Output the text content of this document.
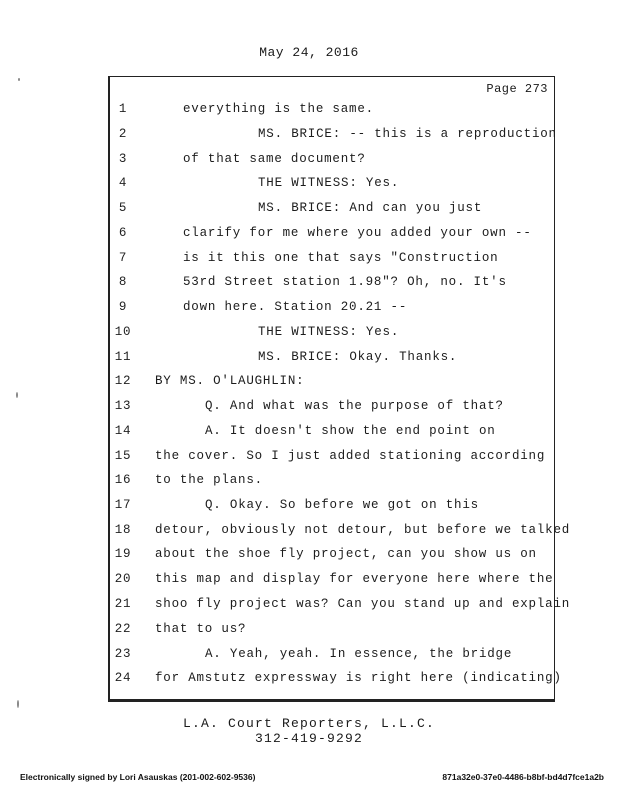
May 24, 2016
Page 273
1	everything is the same.
2	MS. BRICE: -- this is a reproduction
3	of that same document?
4	THE WITNESS: Yes.
5	MS. BRICE: And can you just
6	clarify for me where you added your own --
7	is it this one that says "Construction
8	53rd Street station 1.98"? Oh, no. It's
9	down here. Station 20.21 --
10	THE WITNESS: Yes.
11	MS. BRICE: Okay. Thanks.
12	BY MS. O'LAUGHLIN:
13	Q. And what was the purpose of that?
14	A. It doesn't show the end point on
15	the cover. So I just added stationing according
16	to the plans.
17	Q. Okay. So before we got on this
18	detour, obviously not detour, but before we talked
19	about the shoe fly project, can you show us on
20	this map and display for everyone here where the
21	shoo fly project was? Can you stand up and explain
22	that to us?
23	A. Yeah, yeah. In essence, the bridge
24	for Amstutz expressway is right here (indicating)
L.A. Court Reporters, L.L.C.
312-419-9292
Electronically signed by Lori Asauskas (201-002-602-9536)	871a32e0-37e0-4486-b8bf-bd4d7fce1a2b
